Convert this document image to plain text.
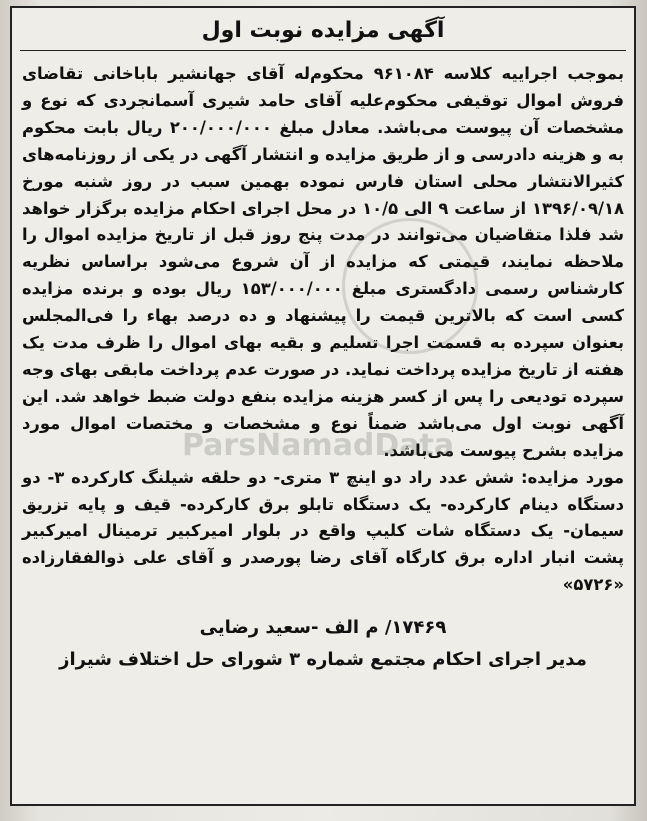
آگهی مزایده نوبت اول

بموجب اجراییه کلاسه ۹۶۱۰۸۴ محکوم‌له آقای جهانشیر باباخانی تقاضای فروش اموال توقیفی محکوم‌علیه آقای حامد شیری آسمانجردی که نوع و مشخصات آن پیوست می‌باشد. معادل مبلغ ۲۰۰/۰۰۰/۰۰۰ ریال بابت محکوم به و هزینه دادرسی و از طریق مزایده و انتشار آگهی در یکی از روزنامه‌های کثیرالانتشار محلی استان فارس نموده بهمین سبب در روز شنبه مورخ ۱۳۹۶/۰۹/۱۸ از ساعت ۹ الی ۱۰/۵ در محل اجرای احکام مزایده برگزار خواهد شد فلذا متقاضیان می‌توانند در مدت پنج روز قبل از تاریخ مزایده اموال را ملاحظه نمایند، قیمتی که مزایده از آن شروع می‌شود براساس نظریه کارشناس رسمی دادگستری مبلغ ۱۵۳/۰۰۰/۰۰۰ ریال بوده و برنده مزایده کسی است که بالاترین قیمت را پیشنهاد و ده درصد بهاء را فی‌المجلس بعنوان سپرده به قسمت اجرا تسلیم و بقیه بهای اموال را ظرف مدت یک هفته از تاریخ مزایده پرداخت نماید. در صورت عدم پرداخت مابقی بهای وجه سپرده تودیعی را پس از کسر هزینه مزایده بنفع دولت ضبط خواهد شد. این آگهی نوبت اول می‌باشد ضمناً نوع و مشخصات و مختصات اموال مورد مزایده بشرح پیوست می‌باشد.

مورد مزایده: شش عدد راد دو اینچ ۳ متری- دو حلقه شیلنگ کارکرده ۳- دو دستگاه دینام کارکرده- یک دستگاه تابلو برق کارکرده- قیف و پایه تزریق سیمان- یک دستگاه شات کلیپ واقع در بلوار امیرکبیر ترمینال امیرکبیر پشت انبار اداره برق کارگاه آقای رضا پورصدر و آقای علی ذوالفقارزاده «۵۷۲۶»

۱۷۴۶۹/ م الف -سعید رضایی
مدیر اجرای احکام مجتمع شماره ۳ شورای حل اختلاف شیراز
ParsNamadData
